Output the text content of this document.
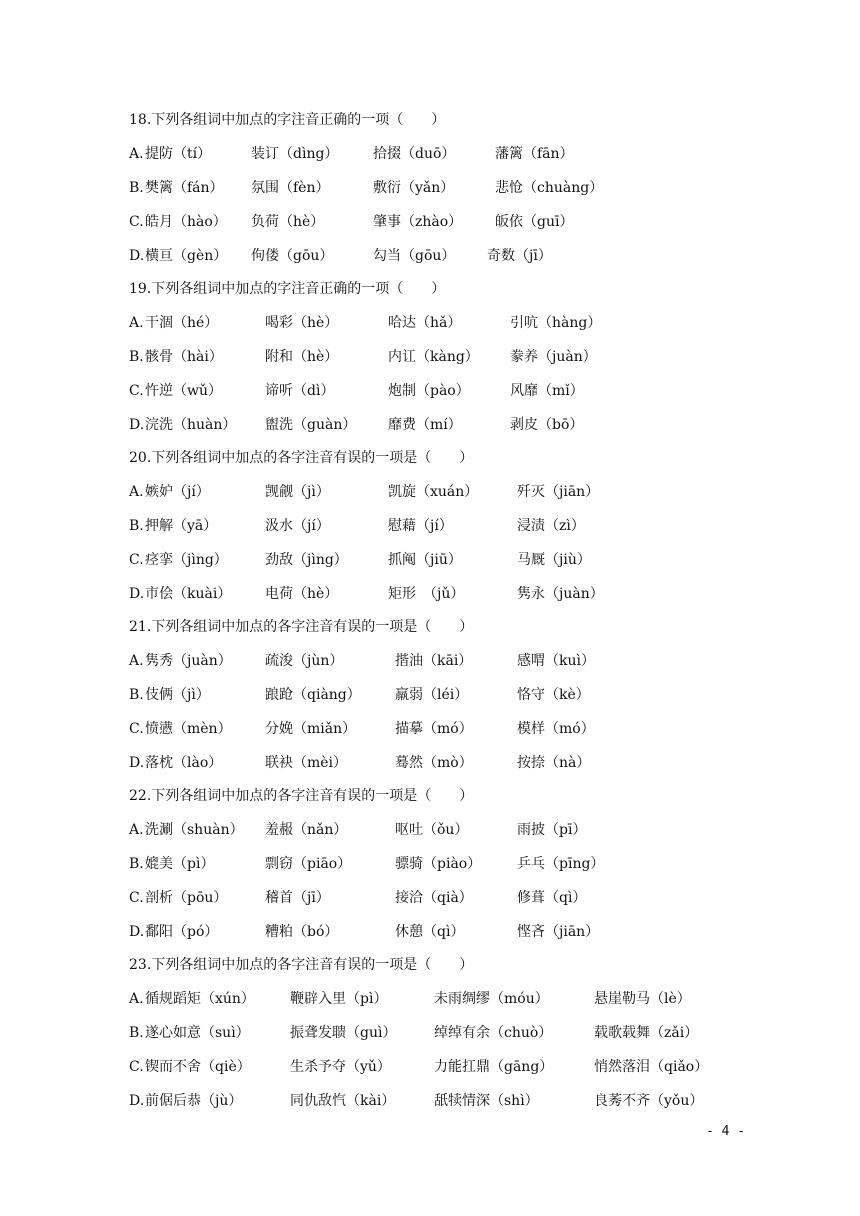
18.下列各组词中加点的字注音正确的一项（　　）
A. 提防（tí）	装订（dìng） 拾掇（duō）	藩篱（fān）
B. 樊篱（fán） 氛围（fèn）	敷衍（yǎn）	悲怆（chuàng）
C. 皓月（hào） 负荷（hè）	肇事（zhào） 皈依（guī）
D. 横亘（gèn） 佝偻（gōu）	勾当（gōu） 奇数（jī）
19.下列各组词中加点的字注音正确的一项（　　）
A. 干涸（hé）	喝彩（hè）	哈达（hǎ）	引吭（hàng）
B. 骸骨（hài）	附和（hè）	内讧（kàng） 豢养（juàn）
C. 忤逆（wǔ）	谛听（dì）	炮制（pào）	风靡（mǐ）
D. 浣洗（huàn） 盥洗（guàn） 靡费（mí）	剥皮（bō）
20.下列各组词中加点的各字注音有误的一项是（　　）
A. 嫉妒（jí）	觊觎（jì）	凯旋（xuán）	歼灭（jiān）
B. 押解（yā）	汲水（jí）	慰藉（jí）	浸渍（zì）
C. 痉挛（jìng）	劲敌（jìng）	抓阄（jiū）	马厩（jiù）
D. 市侩（kuài） 电荷（hè）	矩形　（jǔ）	隽永（juàn）
21.下列各组词中加点的各字注音有误的一项是（　　）
A. 隽秀（juàn） 疏浚（jùn）	揩油（kāi）	感喟（kuì）
B. 伎俩（jì）	踉跄（qiàng） 羸弱（léi）	恪守（kè）
C. 愤懑（mèn） 分娩（miǎn）	描摹（mó）	模样（mó）
D. 落枕（lào）	联袂（mèi）	蓦然（mò）	按捺（nà）
22.下列各组词中加点的各字注音有误的一项是（　　）
A. 洗涮（shuàn） 羞赧（nǎn）	呕吐（ǒu）	雨披（pī）
B. 媲美（pì）	剽窃（piāo）	骠骑（piào）	乒乓（pīng）
C. 剖析（pōu）	稽首（jī）	接洽（qià）	修葺（qì）
D. 鄱阳（pó）	糟粕（bó）	休憩（qì）	悭吝（jiān）
23.下列各组词中加点的各字注音有误的一项是（　　）
A. 循规蹈矩（xún）	鞭辟入里（pì）	未雨绸缪（móu）	悬崖勒马（lè）
B. 遂心如意（suì）	振聋发聩（guì）	绰绰有余（chuò）	载歌载舞（zǎi）
C. 锲而不舍（qiè）	生杀予夺（yǔ）	力能扛鼎（gāng）	悄然落泪（qiǎo）
D. 前倨后恭（jù）	同仇敌忾（kài）	舐犊情深（shì）	良莠不齐（yǒu）
- 4 -
